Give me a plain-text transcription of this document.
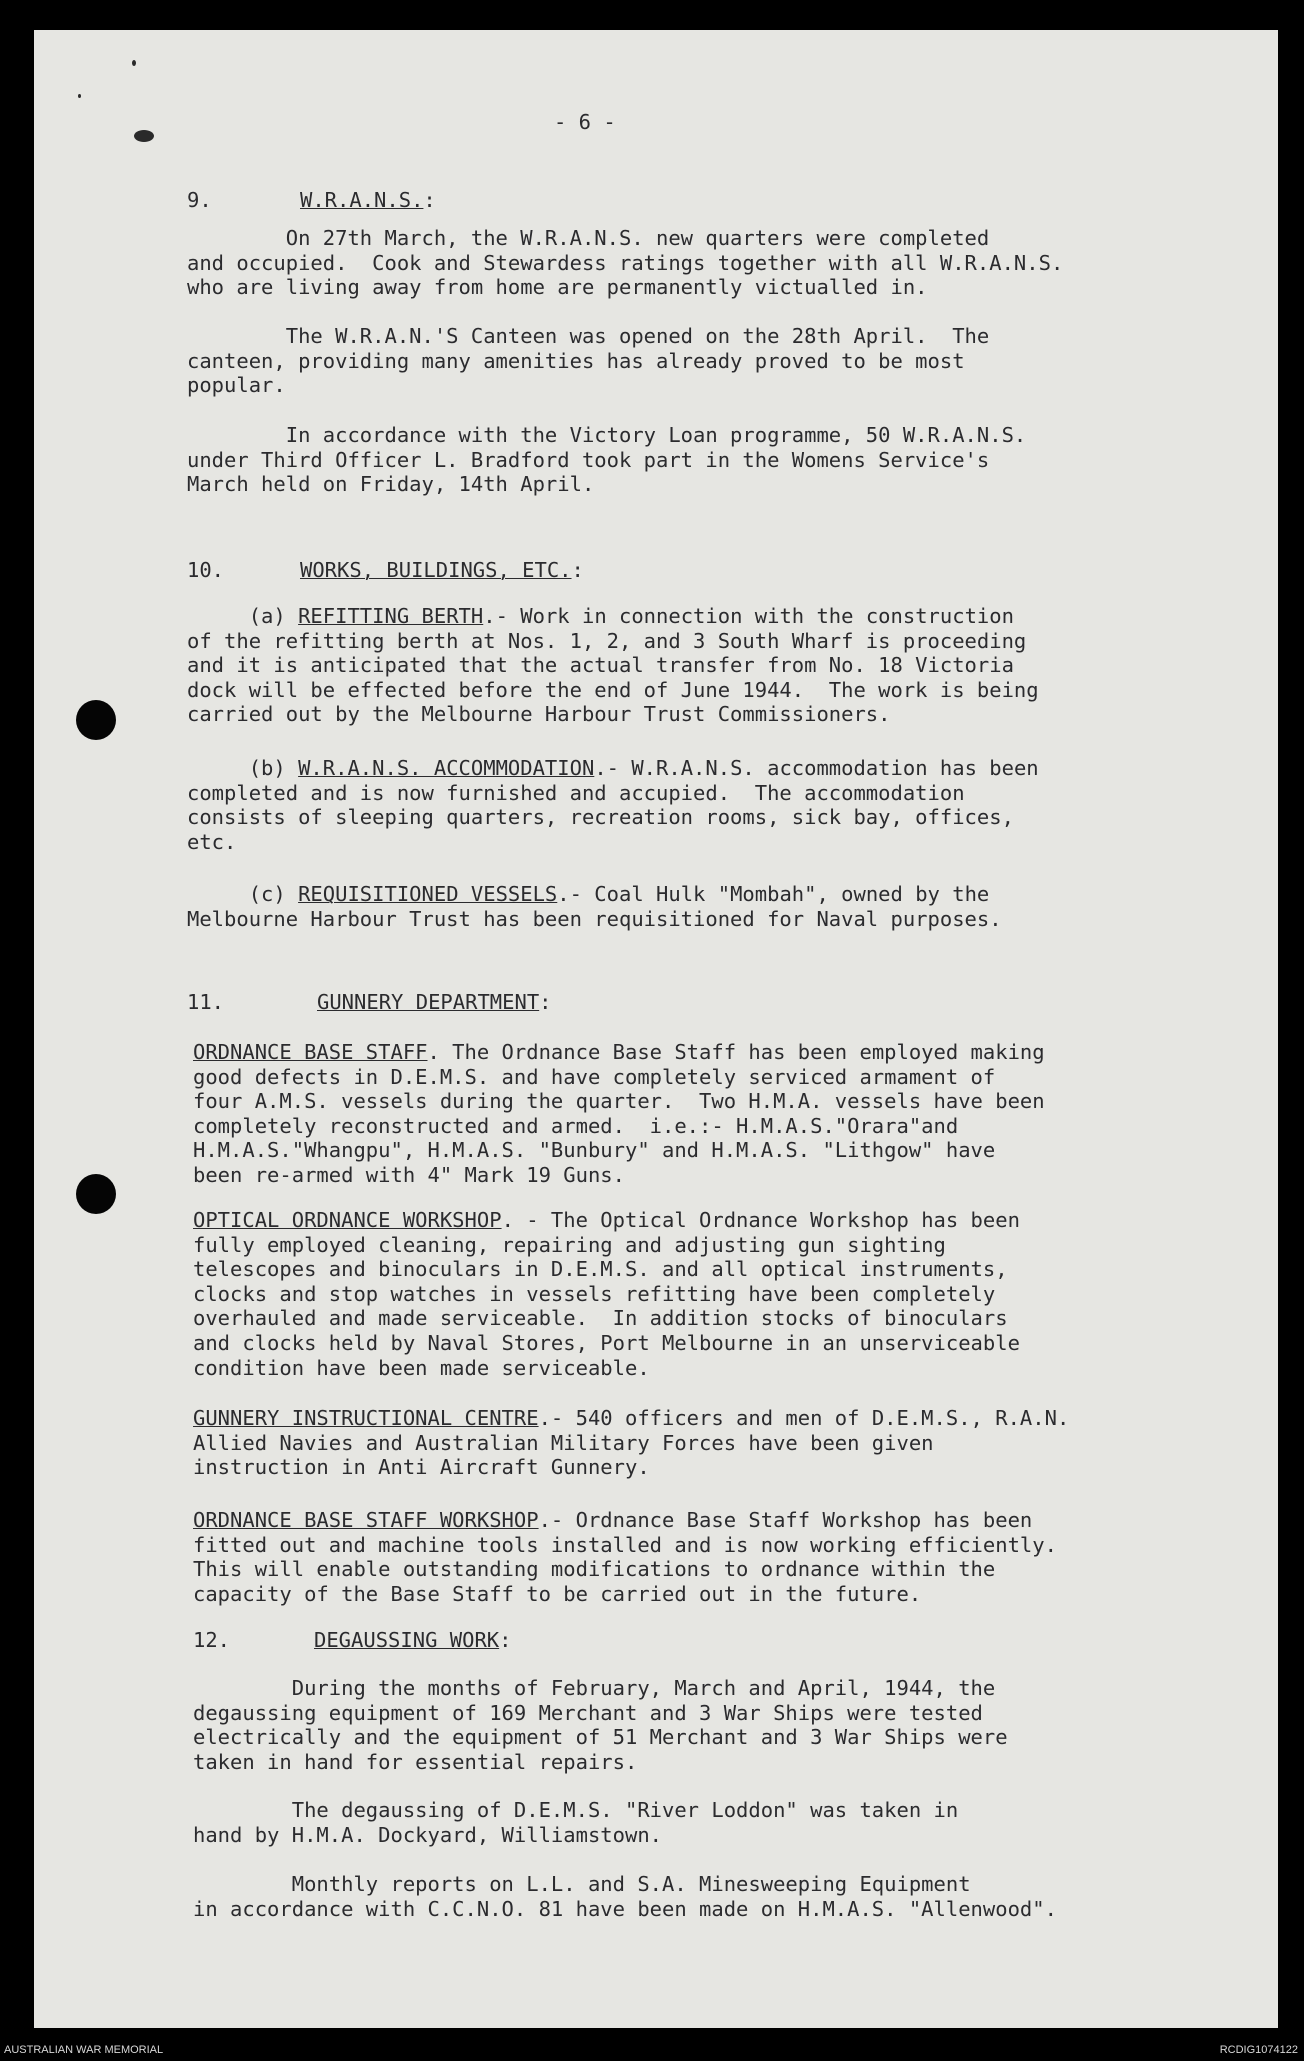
- 6 -

9.	W.R.A.N.S.:

On 27th March, the W.R.A.N.S. new quarters were completed
and occupied.  Cook and Stewardess ratings together with all W.R.A.N.S.
who are living away from home are permanently victualled in.

The W.R.A.N.'S Canteen was opened on the 28th April.  The
canteen, providing many amenities has already proved to be most
popular.

In accordance with the Victory Loan programme, 50 W.R.A.N.S.
under Third Officer L. Bradford took part in the Womens Service's
March held on Friday, 14th April.

10.	WORKS, BUILDINGS, ETC.:
(a) REFITTING BERTH.- Work in connection with the construction
of the refitting berth at Nos. 1, 2, and 3 South Wharf is proceeding
and it is anticipated that the actual transfer from No. 18 Victoria
dock will be effected before the end of June 1944.  The work is being
carried out by the Melbourne Harbour Trust Commissioners.
(b) W.R.A.N.S. ACCOMMODATION.- W.R.A.N.S. accommodation has been
completed and is now furnished and accupied.  The accommodation
consists of sleeping quarters, recreation rooms, sick bay, offices,
etc.
(c) REQUISITIONED VESSELS.- Coal Hulk "Mombah", owned by the
Melbourne Harbour Trust has been requisitioned for Naval purposes.
11.	GUNNERY DEPARTMENT:
ORDNANCE BASE STAFF. The Ordnance Base Staff has been employed making
good defects in D.E.M.S. and have completely serviced armament of
four A.M.S. vessels during the quarter.  Two H.M.A. vessels have been
completely reconstructed and armed.  i.e.:- H.M.A.S."Orara"and
H.M.A.S."Whangpu", H.M.A.S. "Bunbury" and H.M.A.S. "Lithgow" have
been re-armed with 4" Mark 19 Guns.
OPTICAL ORDNANCE WORKSHOP. - The Optical Ordnance Workshop has been
fully employed cleaning, repairing and adjusting gun sighting
telescopes and binoculars in D.E.M.S. and all optical instruments,
clocks and stop watches in vessels refitting have been completely
overhauled and made serviceable.  In addition stocks of binoculars
and clocks held by Naval Stores, Port Melbourne in an unserviceable
condition have been made serviceable.
GUNNERY INSTRUCTIONAL CENTRE.- 540 officers and men of D.E.M.S., R.A.N.
Allied Navies and Australian Military Forces have been given
instruction in Anti Aircraft Gunnery.
ORDNANCE BASE STAFF WORKSHOP.- Ordnance Base Staff Workshop has been
fitted out and machine tools installed and is now working efficiently.
This will enable outstanding modifications to ordnance within the
capacity of the Base Staff to be carried out in the future.
12.	DEGAUSSING WORK:

During the months of February, March and April, 1944, the
degaussing equipment of 169 Merchant and 3 War Ships were tested
electrically and the equipment of 51 Merchant and 3 War Ships were
taken in hand for essential repairs.

The degaussing of D.E.M.S. "River Loddon" was taken in
hand by H.M.A. Dockyard, Williamstown.

Monthly reports on L.L. and S.A. Minesweeping Equipment
in accordance with C.C.N.O. 81 have been made on H.M.A.S. "Allenwood".

AUSTRALIAN WAR MEMORIAL	RCDIG1074122
